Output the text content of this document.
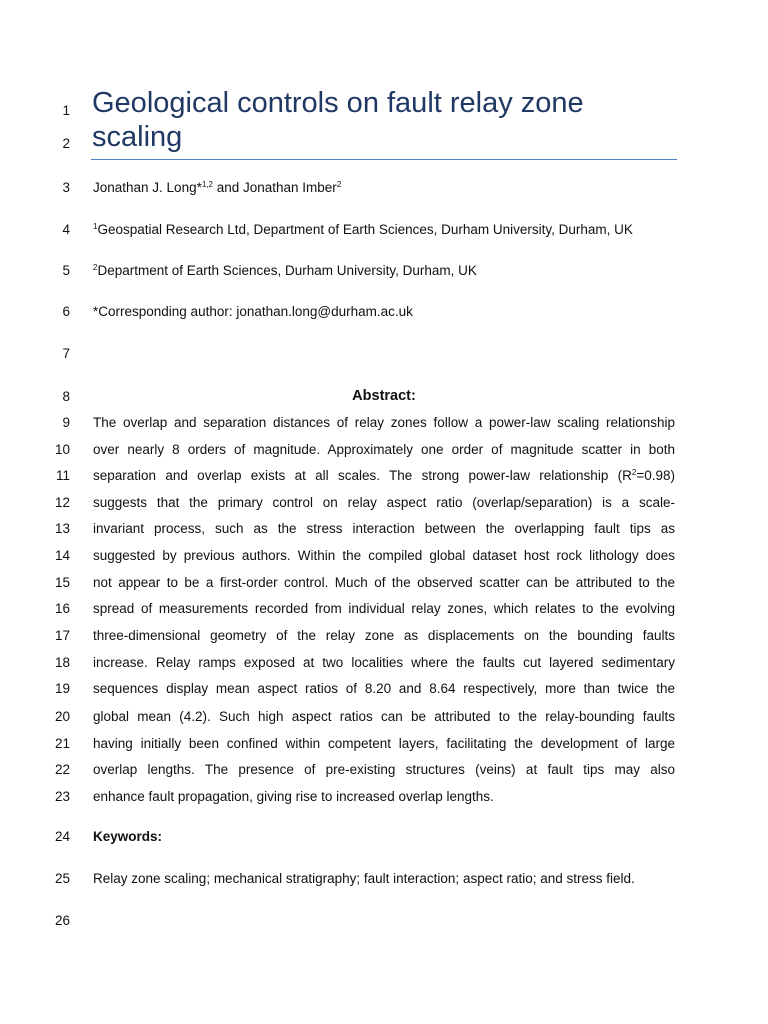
1
2
3
4
5
6
7
8
9
10
11
12
13
14
15
16
17
18
19
20
21
22
23
24
25
26
Geological controls on fault relay zone
scaling
Jonathan J. Long*$^{1,2}$ and Jonathan Imber$^2$
$^1$Geospatial Research Ltd, Department of Earth Sciences, Durham University, Durham, UK
$^2$Department of Earth Sciences, Durham University, Durham, UK
*Corresponding author: jonathan.long@durham.ac.uk
Abstract:
The overlap and separation distances of relay zones follow a power-law scaling relationship
over nearly 8 orders of magnitude. Approximately one order of magnitude scatter in both
separation and overlap exists at all scales. The strong power-law relationship $(R^2=0.98)$
suggests that the primary control on relay aspect ratio (overlap/separation) is a scale-
invariant process, such as the stress interaction between the overlapping fault tips as
suggested by previous authors. Within the compiled global dataset host rock lithology does
not appear to be a first-order control. Much of the observed scatter can be attributed to the
spread of measurements recorded from individual relay zones, which relates to the evolving
three-dimensional geometry of the relay zone as displacements on the bounding faults
increase. Relay ramps exposed at two localities where the faults cut layered sedimentary
sequences display mean aspect ratios of 8.20 and 8.64 respectively, more than twice the
global mean (4.2). Such high aspect ratios can be attributed to the relay-bounding faults
having initially been confined within competent layers, facilitating the development of large
overlap lengths. The presence of pre-existing structures (veins) at fault tips may also
enhance fault propagation, giving rise to increased overlap lengths.
Keywords:
Relay zone scaling; mechanical stratigraphy; fault interaction; aspect ratio; and stress field.
